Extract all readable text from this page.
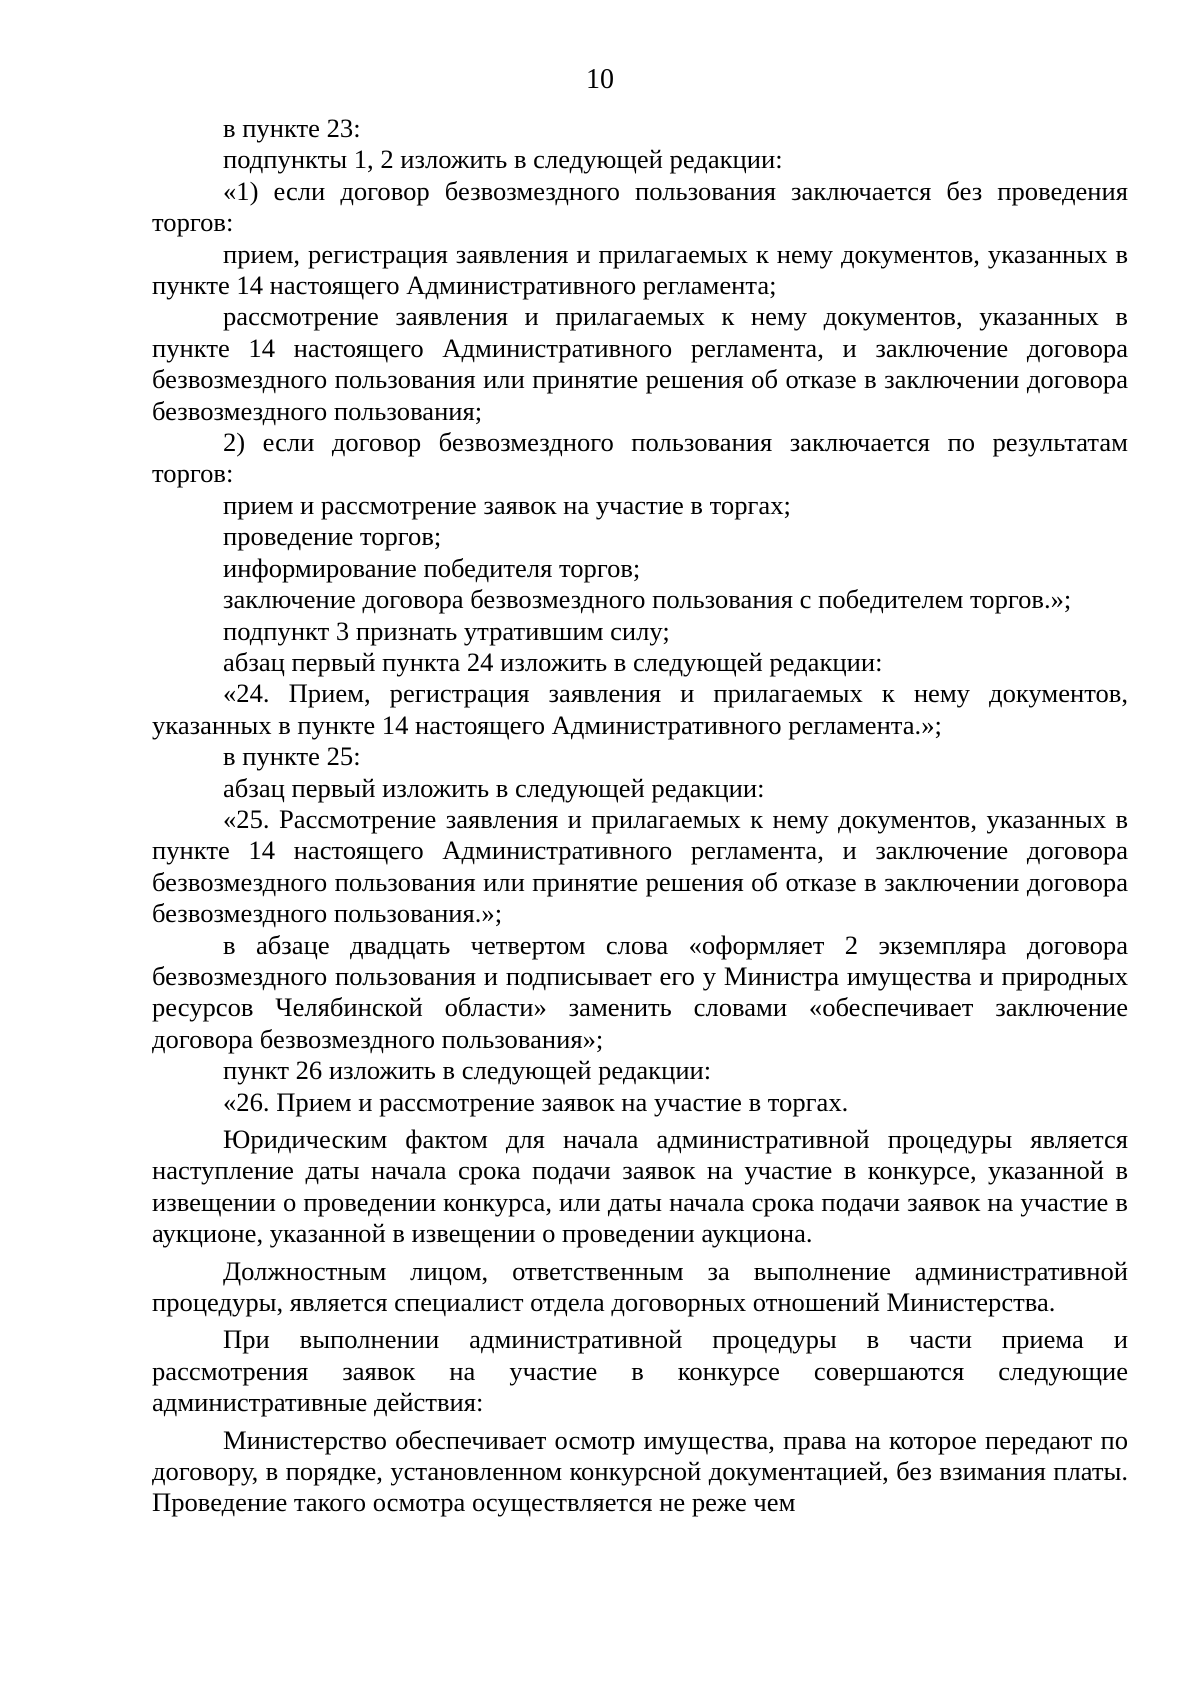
10

в пункте 23:

подпункты 1, 2 изложить в следующей редакции:

«1) если договор безвозмездного пользования заключается без проведения торгов:

прием, регистрация заявления и прилагаемых к нему документов, указанных в пункте 14 настоящего Административного регламента;

рассмотрение заявления и прилагаемых к нему документов, указанных в пункте 14 настоящего Административного регламента, и заключение договора безвозмездного пользования или принятие решения об отказе в заключении договора безвозмездного пользования;

2) если договор безвозмездного пользования заключается по результатам торгов:

прием и рассмотрение заявок на участие в торгах;

проведение торгов;

информирование победителя торгов;

заключение договора безвозмездного пользования с победителем торгов.»;

подпункт 3 признать утратившим силу;

абзац первый пункта 24 изложить в следующей редакции:

«24. Прием, регистрация заявления и прилагаемых к нему документов, указанных в пункте 14 настоящего Административного регламента.»;

в пункте 25:

абзац первый изложить в следующей редакции:

«25. Рассмотрение заявления и прилагаемых к нему документов, указанных в пункте 14 настоящего Административного регламента, и заключение договора безвозмездного пользования или принятие решения об отказе в заключении договора безвозмездного пользования.»;

в абзаце двадцать четвертом слова «оформляет 2 экземпляра договора безвозмездного пользования и подписывает его у Министра имущества и природных ресурсов Челябинской области» заменить словами «обеспечивает заключение договора безвозмездного пользования»;

пункт 26 изложить в следующей редакции:

«26. Прием и рассмотрение заявок на участие в торгах.

Юридическим фактом для начала административной процедуры является наступление даты начала срока подачи заявок на участие в конкурсе, указанной в извещении о проведении конкурса, или даты начала срока подачи заявок на участие в аукционе, указанной в извещении о проведении аукциона.

Должностным лицом, ответственным за выполнение административной процедуры, является специалист отдела договорных отношений Министерства.

При выполнении административной процедуры в части приема и рассмотрения заявок на участие в конкурсе совершаются следующие административные действия:

Министерство обеспечивает осмотр имущества, права на которое передают по договору, в порядке, установленном конкурсной документацией, без взимания платы. Проведение такого осмотра осуществляется не реже чем
